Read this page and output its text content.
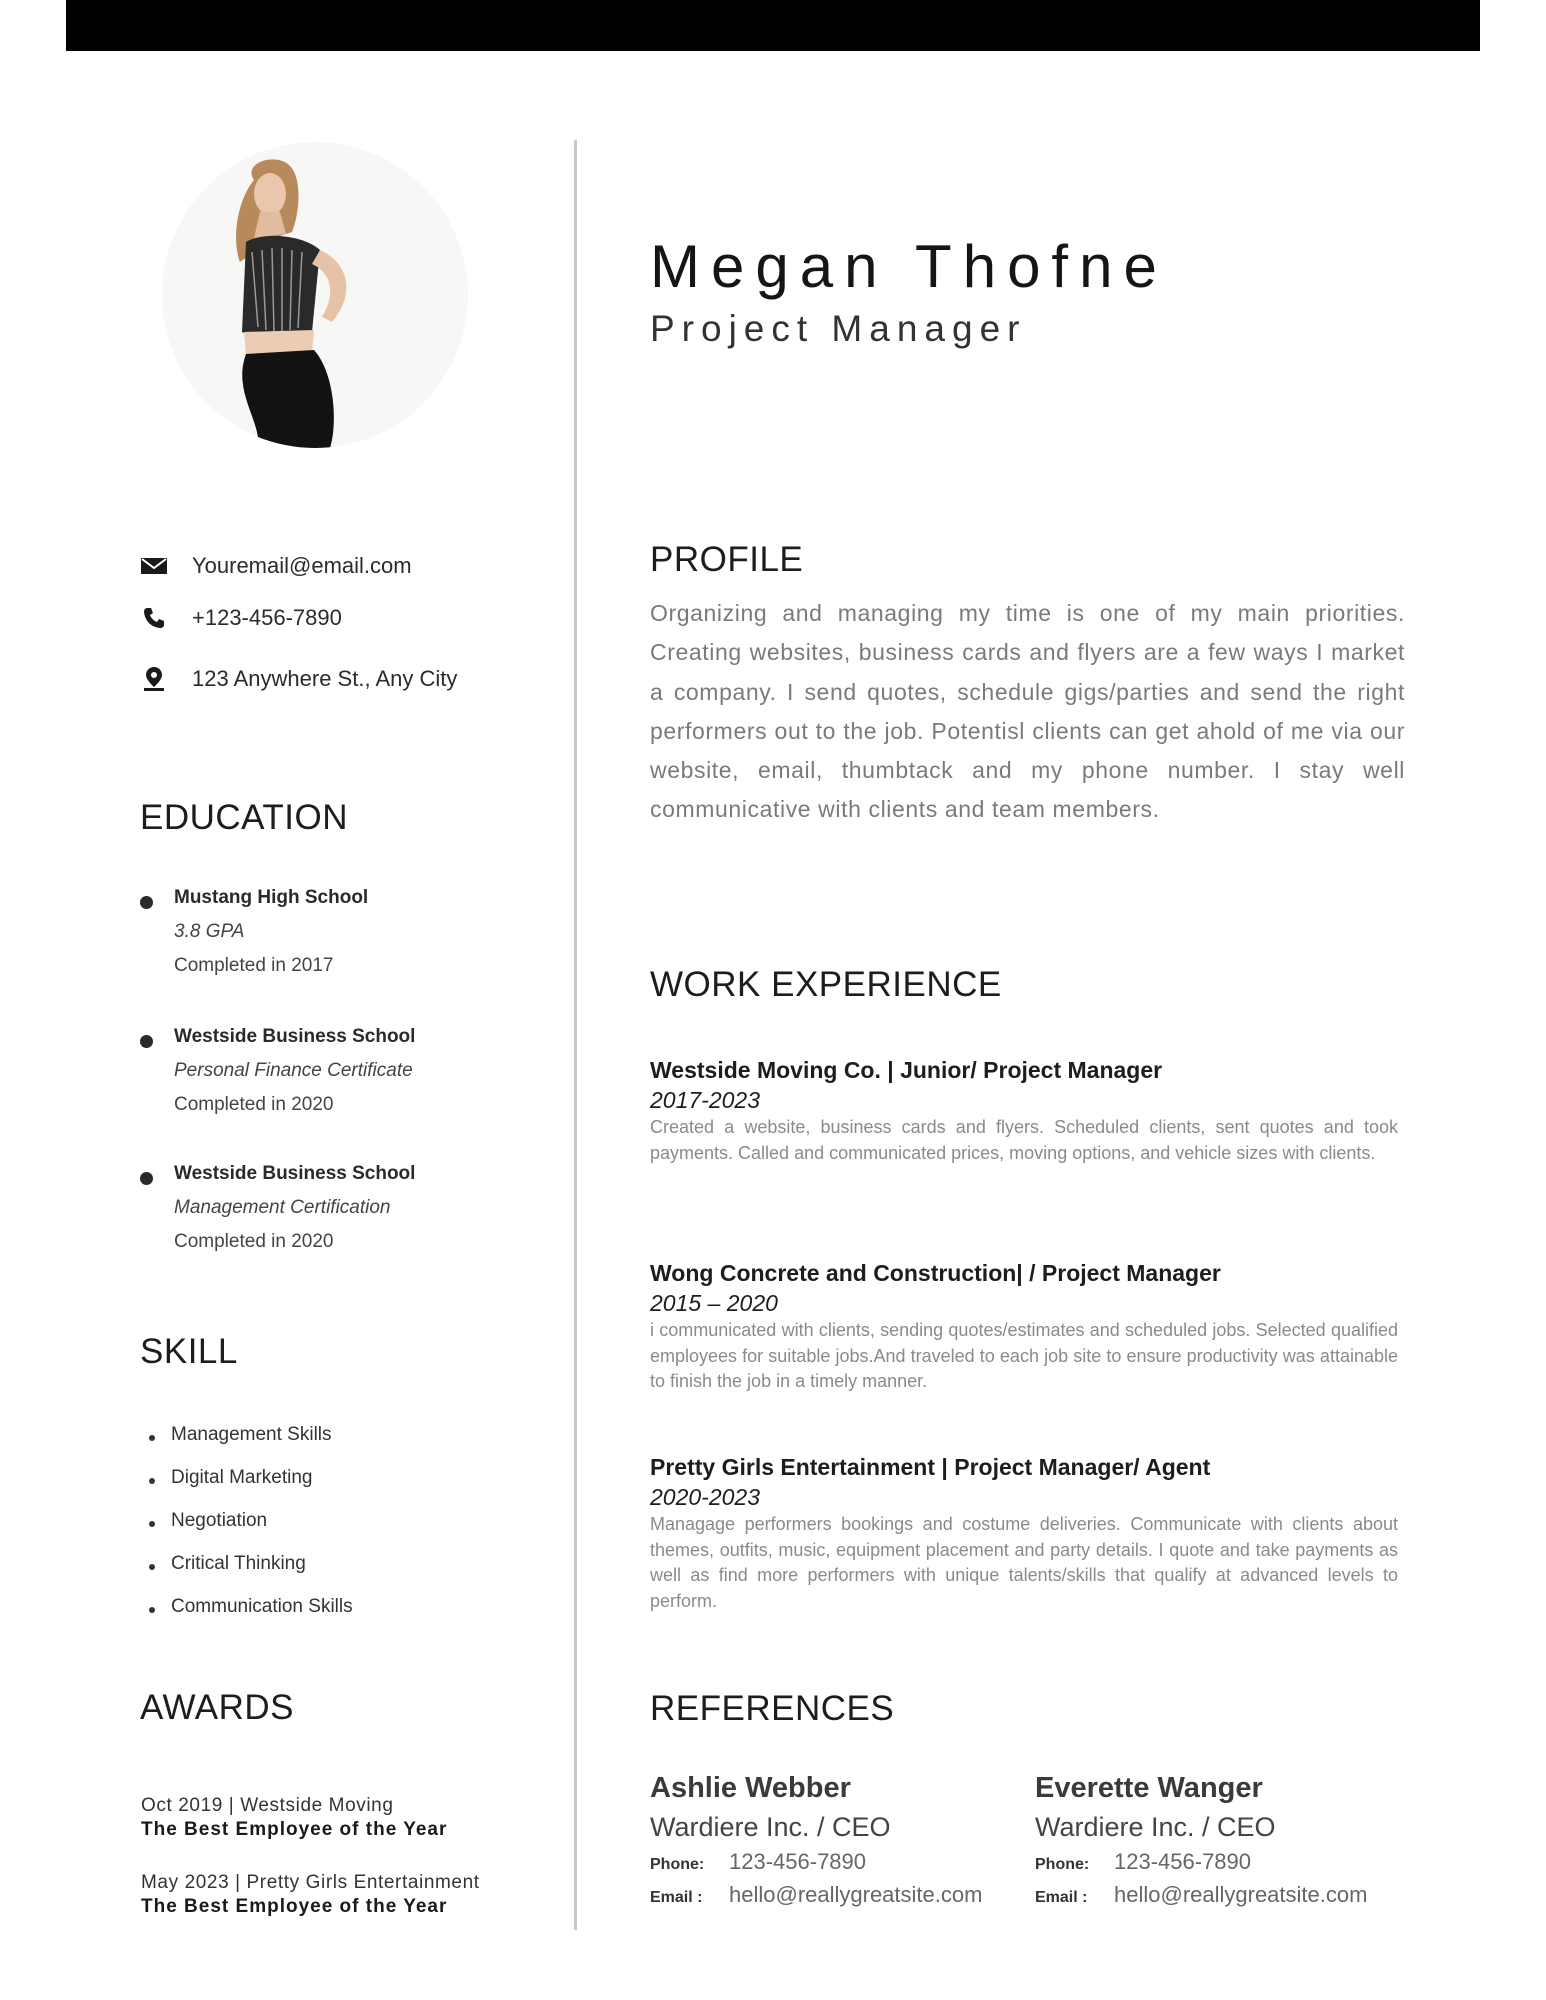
Megan Thofne
Project Manager
Youremail@email.com
+123-456-7890
123 Anywhere St., Any City
EDUCATION
Mustang High School
3.8 GPA
Completed in 2017
Westside Business School
Personal Finance Certificate
Completed in 2020
Westside Business School
Management Certification
Completed in 2020
SKILL
Management Skills
Digital Marketing
Negotiation
Critical Thinking
Communication Skills
AWARDS
Oct 2019 | Westside Moving
The Best Employee of the Year
May 2023 | Pretty Girls Entertainment
The Best Employee of the Year
PROFILE
Organizing and managing my time is one of my main priorities. Creating websites, business cards and flyers are a few ways I market a company. I send quotes, schedule gigs/parties and send the right performers out to the job. Potentisl clients can get ahold of me via our website, email, thumbtack and my phone number. I stay well communicative with clients and team members.
WORK EXPERIENCE
Westside Moving Co. | Junior/ Project Manager
2017-2023
Created a website, business cards and flyers. Scheduled clients, sent quotes and took payments. Called and communicated prices, moving options, and vehicle sizes with clients.
Wong Concrete and Construction| / Project Manager
2015 – 2020
i communicated with clients, sending quotes/estimates and scheduled jobs. Selected qualified employees for suitable jobs.And traveled to each job site to ensure productivity was attainable to finish the job in a timely manner.
Pretty Girls Entertainment | Project Manager/ Agent
2020-2023
Managage performers bookings and costume deliveries. Communicate with clients about themes, outfits, music, equipment placement and party details. I quote and take payments as well as find more performers with unique talents/skills that qualify at advanced levels to perform.
REFERENCES
Ashlie Webber
Wardiere Inc. / CEO
Phone:	123-456-7890
Email :	hello@reallygreatsite.com
Everette Wanger
Wardiere Inc. / CEO
Phone:	123-456-7890
Email :	hello@reallygreatsite.com
